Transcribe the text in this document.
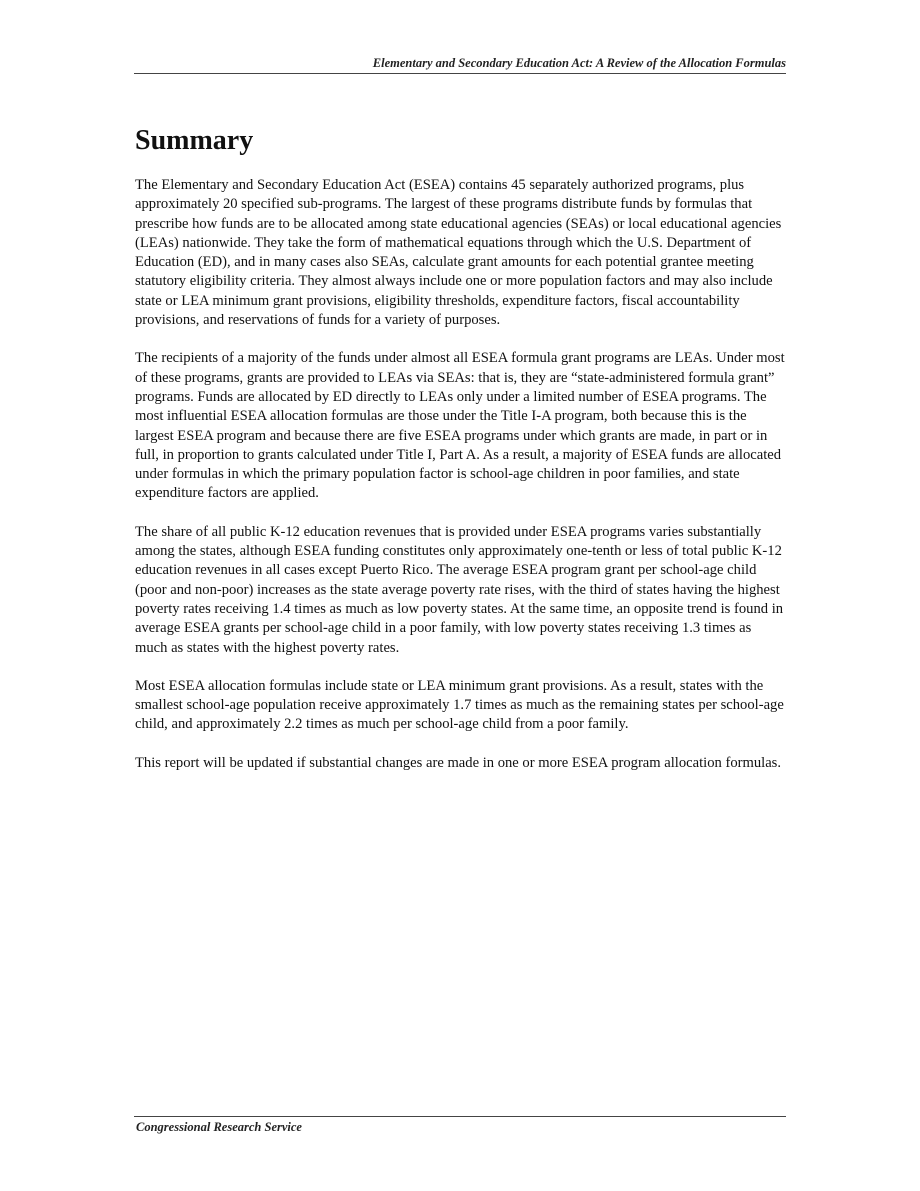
Elementary and Secondary Education Act: A Review of the Allocation Formulas
Summary

The Elementary and Secondary Education Act (ESEA) contains 45 separately authorized programs, plus approximately 20 specified sub-programs. The largest of these programs distribute funds by formulas that prescribe how funds are to be allocated among state educational agencies (SEAs) or local educational agencies (LEAs) nationwide. They take the form of mathematical equations through which the U.S. Department of Education (ED), and in many cases also SEAs, calculate grant amounts for each potential grantee meeting statutory eligibility criteria. They almost always include one or more population factors and may also include state or LEA minimum grant provisions, eligibility thresholds, expenditure factors, fiscal accountability provisions, and reservations of funds for a variety of purposes.

The recipients of a majority of the funds under almost all ESEA formula grant programs are LEAs. Under most of these programs, grants are provided to LEAs via SEAs: that is, they are “state-administered formula grant” programs. Funds are allocated by ED directly to LEAs only under a limited number of ESEA programs. The most influential ESEA allocation formulas are those under the Title I-A program, both because this is the largest ESEA program and because there are five ESEA programs under which grants are made, in part or in full, in proportion to grants calculated under Title I, Part A. As a result, a majority of ESEA funds are allocated under formulas in which the primary population factor is school-age children in poor families, and state expenditure factors are applied.

The share of all public K-12 education revenues that is provided under ESEA programs varies substantially among the states, although ESEA funding constitutes only approximately one-tenth or less of total public K-12 education revenues in all cases except Puerto Rico. The average ESEA program grant per school-age child (poor and non-poor) increases as the state average poverty rate rises, with the third of states having the highest poverty rates receiving 1.4 times as much as low poverty states. At the same time, an opposite trend is found in average ESEA grants per school-age child in a poor family, with low poverty states receiving 1.3 times as much as states with the highest poverty rates.

Most ESEA allocation formulas include state or LEA minimum grant provisions. As a result, states with the smallest school-age population receive approximately 1.7 times as much as the remaining states per school-age child, and approximately 2.2 times as much per school-age child from a poor family.

This report will be updated if substantial changes are made in one or more ESEA program allocation formulas.

Congressional Research Service
